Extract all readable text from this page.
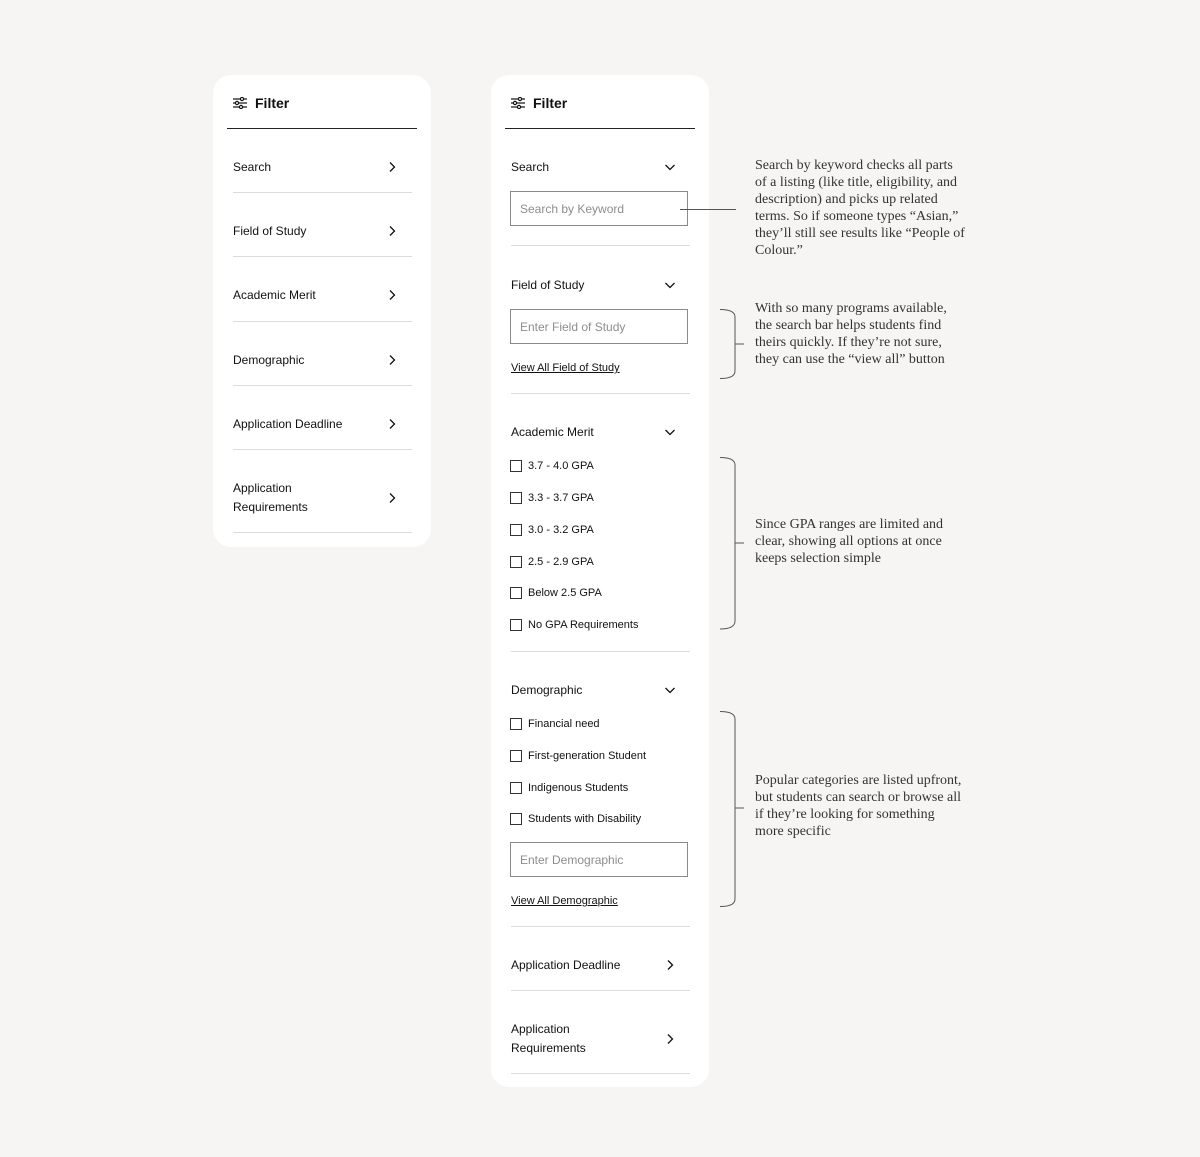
Filter
Search
Field of Study
Academic Merit
Demographic
Application Deadline
Application
Requirements
Filter
Search
Search by Keyword
Field of Study
Enter Field of Study
View All Field of Study
Academic Merit
3.7 - 4.0 GPA
3.3 - 3.7 GPA
3.0 - 3.2 GPA
2.5 - 2.9 GPA
Below 2.5 GPA
No GPA Requirements
Demographic
Financial need
First-generation Student
Indigenous Students
Students with Disability
Enter Demographic
View All Demographic
Application Deadline
Application
Requirements
Search by keyword checks all parts of a listing (like title, eligibility, and description) and picks up related terms. So if someone types “Asian,” they’ll still see results like “People of Colour.”
With so many programs available, the search bar helps students find theirs quickly. If they’re not sure, they can use the “view all” button
Since GPA ranges are limited and clear, showing all options at once keeps selection simple
Popular categories are listed upfront, but students can search or browse all if they’re looking for something more specific
